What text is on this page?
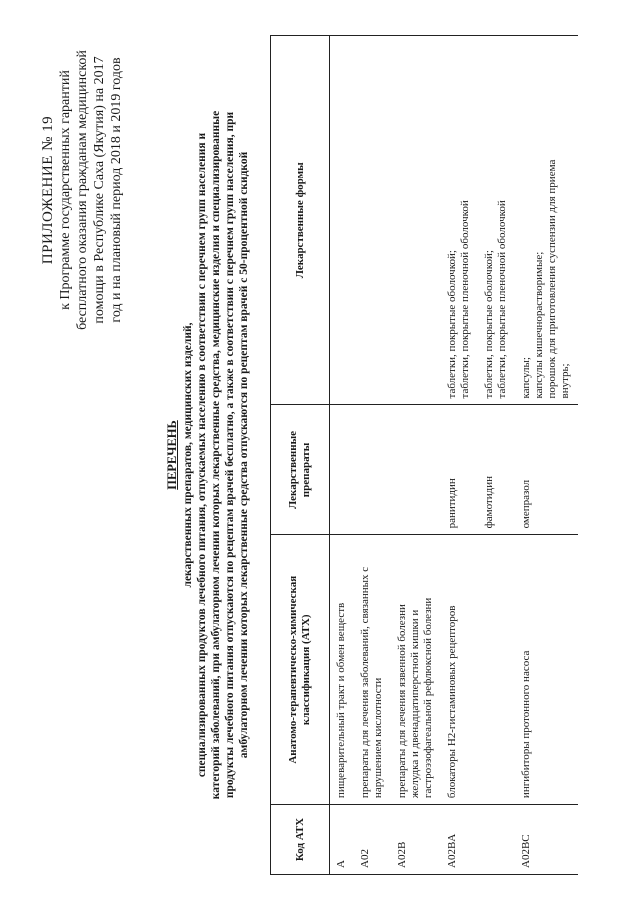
ПРИЛОЖЕНИЕ № 19 к Программе государственных гарантий бесплатного оказания гражданам медицинской помощи в Республике Саха (Якутия) на 2017 год и на плановый период 2018 и 2019 годов
ПЕРЕЧЕНЬ лекарственных препаратов, медицинских изделий, специализированных продуктов лечебного питания, отпускаемых населению в соответствии с перечнем групп населения и категорий заболеваний, при амбулаторном лечении которых лекарственные средства, медицинские изделия и специализированные продукты лечебного питания отпускаются по рецептам врачей бесплатно, а также в соответствии с перечнем групп населения, при амбулаторном лечении которых лекарственные средства отпускаются по рецептам врачей с 50-процентной скидкой
Код АТХ	Анатомо-терапевтическо-химическая классификация (АТХ)	Лекарственные препараты	Лекарственные формы
A	пищеварительный тракт и обмен веществ		
A02	препараты для лечения заболеваний, связанных с нарушением кислотности		

A02B	препараты для лечения язвенной болезни желудка и двенадцатиперстной кишки и гастроэзофагеальной рефлюксной болезни		

A02BA	блокаторы H2-гистаминовых рецепторов	ранитидин	таблетки, покрытые оболочкой; таблетки, покрытые пленочной оболочкой

		фамотидин	таблетки, покрытые оболочкой; таблетки, покрытые пленочной оболочкой

A02BC	ингибиторы протонного насоса	омепразол	капсулы; капсулы кишечнорастворимые; порошок для приготовления суспензии для приема внутрь;
